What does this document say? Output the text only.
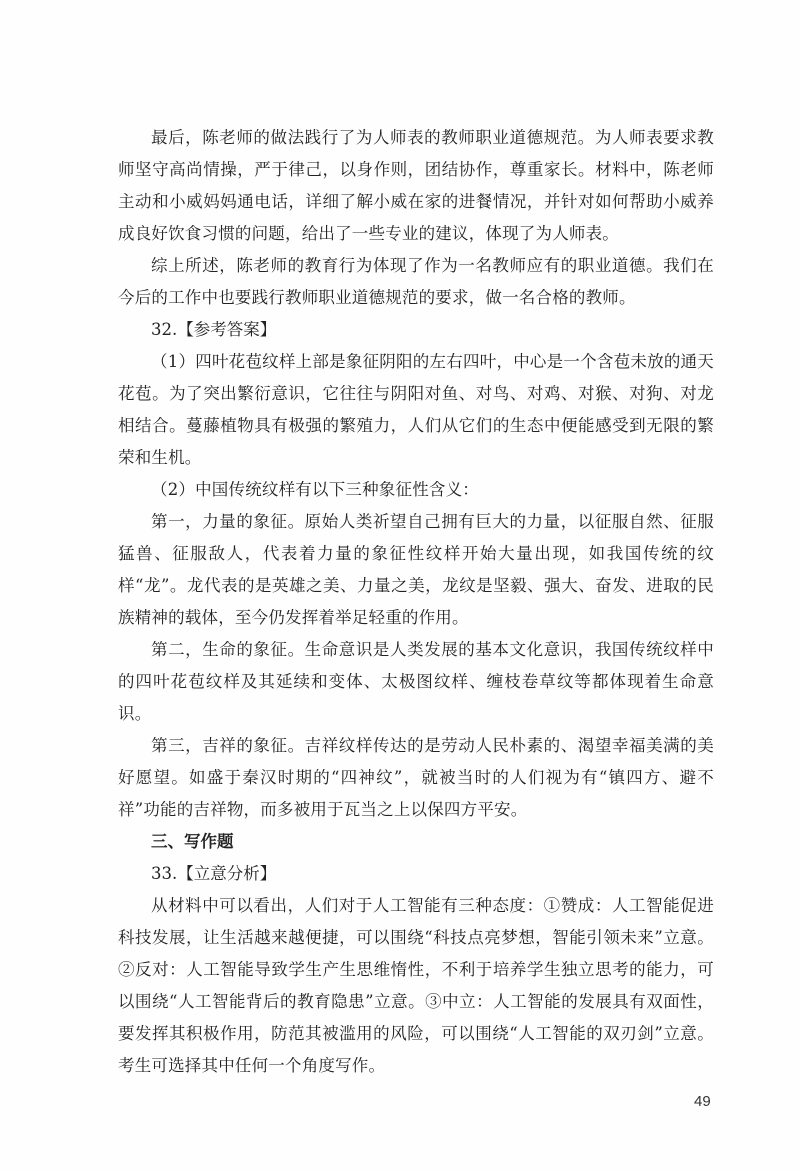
最后，陈老师的做法践行了为人师表的教师职业道德规范。为人师表要求教师坚守高尚情操，严于律己，以身作则，团结协作，尊重家长。材料中，陈老师主动和小威妈妈通电话，详细了解小威在家的进餐情况，并针对如何帮助小威养成良好饮食习惯的问题，给出了一些专业的建议，体现了为人师表。

综上所述，陈老师的教育行为体现了作为一名教师应有的职业道德。我们在今后的工作中也要践行教师职业道德规范的要求，做一名合格的教师。

32.【参考答案】

（1）四叶花苞纹样上部是象征阴阳的左右四叶，中心是一个含苞未放的通天花苞。为了突出繁衍意识，它往往与阴阳对鱼、对鸟、对鸡、对猴、对狗、对龙相结合。蔓藤植物具有极强的繁殖力，人们从它们的生态中便能感受到无限的繁荣和生机。

（2）中国传统纹样有以下三种象征性含义：

第一，力量的象征。原始人类祈望自己拥有巨大的力量，以征服自然、征服猛兽、征服敌人，代表着力量的象征性纹样开始大量出现，如我国传统的纹样“龙”。龙代表的是英雄之美、力量之美，龙纹是坚毅、强大、奋发、进取的民族精神的载体，至今仍发挥着举足轻重的作用。

第二，生命的象征。生命意识是人类发展的基本文化意识，我国传统纹样中的四叶花苞纹样及其延续和变体、太极图纹样、缠枝卷草纹等都体现着生命意识。

第三，吉祥的象征。吉祥纹样传达的是劳动人民朴素的、渴望幸福美满的美好愿望。如盛于秦汉时期的“四神纹”，就被当时的人们视为有“镇四方、避不祥”功能的吉祥物，而多被用于瓦当之上以保四方平安。

三、写作题

33.【立意分析】

从材料中可以看出，人们对于人工智能有三种态度：①赞成：人工智能促进科技发展，让生活越来越便捷，可以围绕“科技点亮梦想，智能引领未来”立意。②反对：人工智能导致学生产生思维惰性，不利于培养学生独立思考的能力，可以围绕“人工智能背后的教育隐患”立意。③中立：人工智能的发展具有双面性，要发挥其积极作用，防范其被滥用的风险，可以围绕“人工智能的双刃剑”立意。考生可选择其中任何一个角度写作。

49
